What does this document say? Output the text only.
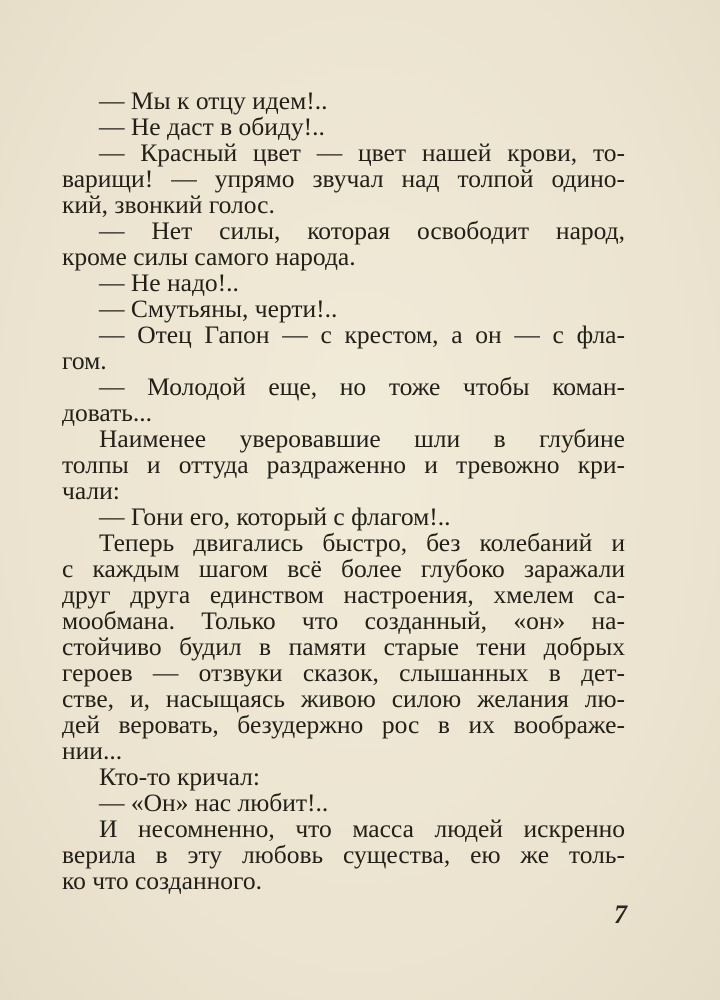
— Мы к отцу идем!..
— Не даст в обиду!..
— Красный цвет — цвет нашей крови, то-
варищи! — упрямо звучал над толпой одино-
кий, звонкий голос.
— Нет силы, которая освободит народ,
кроме силы самого народа.
— Не надо!..
— Смутьяны, черти!..
— Отец Гапон — с крестом, а он — с фла-
гом.
— Молодой еще, но тоже чтобы коман-
довать...
Наименее уверовавшие шли в глубине
толпы и оттуда раздраженно и тревожно кри-
чали:
— Гони его, который с флагом!..
Теперь двигались быстро, без колебаний и
с каждым шагом всё более глубоко заражали
друг друга единством настроения, хмелем са-
мообмана. Только что созданный, «он» на-
стойчиво будил в памяти старые тени добрых
героев — отзвуки сказок, слышанных в дет-
стве, и, насыщаясь живою силою желания лю-
дей веровать, безудержно рос в их воображе-
нии...
Кто-то кричал:
— «Он» нас любит!..
И несомненно, что масса людей искренно
верила в эту любовь существа, ею же толь-
ко что созданного.
7
